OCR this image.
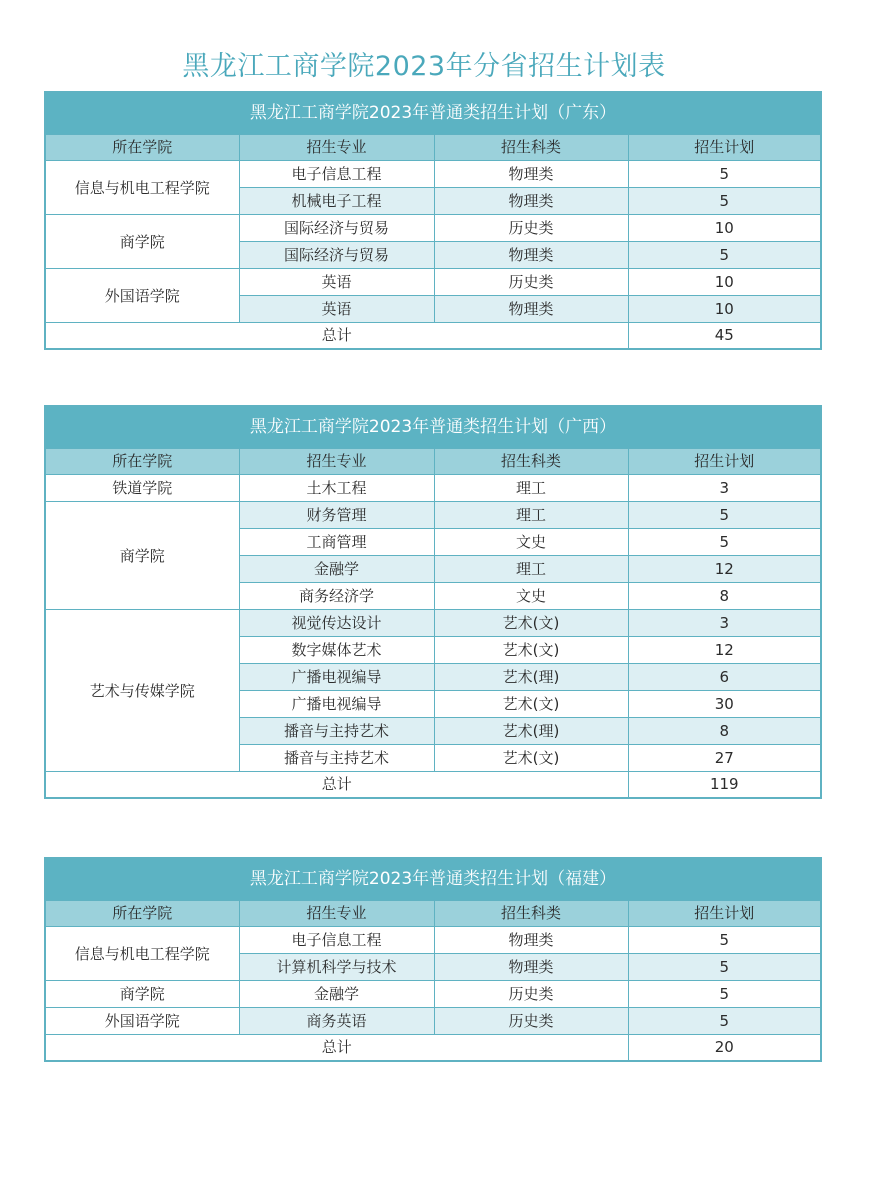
黑龙江工商学院2023年分省招生计划表
黑龙江工商学院2023年普通类招生计划（广东）			
所在学院	招生专业	招生科类	招生计划
信息与机电工程学院	电子信息工程	物理类	5
	机械电子工程	物理类	5
商学院	国际经济与贸易	历史类	10
	国际经济与贸易	物理类	5
外国语学院	英语	历史类	10
	英语	物理类	10
总计			45
黑龙江工商学院2023年普通类招生计划（广西）			
所在学院	招生专业	招生科类	招生计划
铁道学院	土木工程	理工	3
商学院	财务管理	理工	5
	工商管理	文史	5
	金融学	理工	12
	商务经济学	文史	8
艺术与传媒学院	视觉传达设计	艺术(文)	3
	数字媒体艺术	艺术(文)	12
	广播电视编导	艺术(理)	6
	广播电视编导	艺术(文)	30
	播音与主持艺术	艺术(理)	8
	播音与主持艺术	艺术(文)	27
总计			119
黑龙江工商学院2023年普通类招生计划（福建）			
所在学院	招生专业	招生科类	招生计划
信息与机电工程学院	电子信息工程	物理类	5
	计算机科学与技术	物理类	5
商学院	金融学	历史类	5
外国语学院	商务英语	历史类	5
总计			20
